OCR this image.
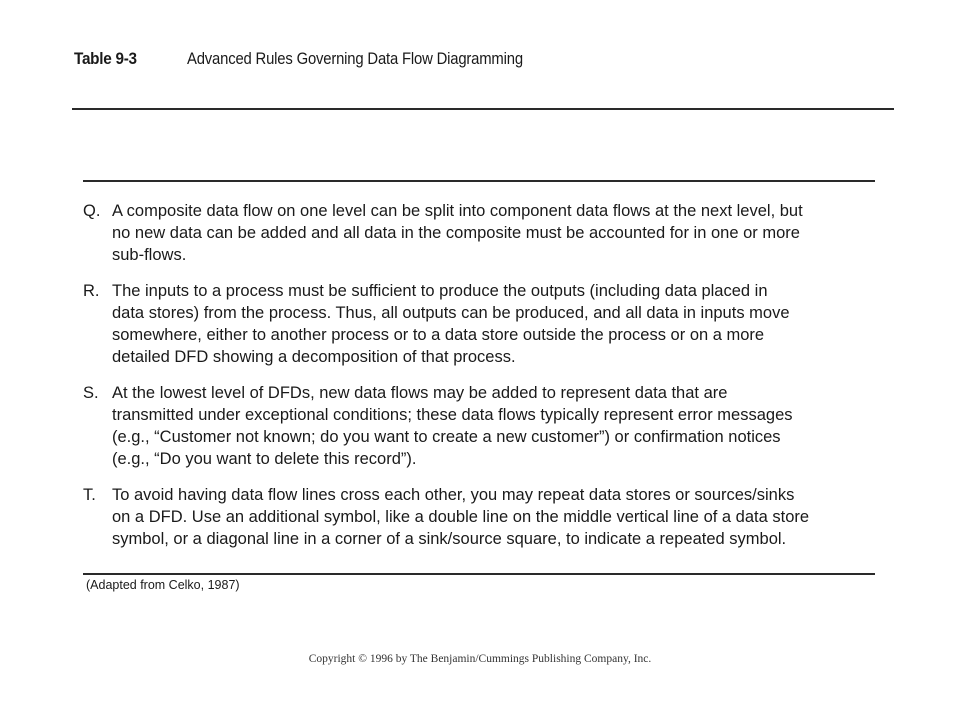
Table 9-3	Advanced Rules Governing Data Flow Diagramming
Q. A composite data flow on one level can be split into component data flows at the next level, but
no new data can be added and all data in the composite must be accounted for in one or more
sub-flows.
R. The inputs to a process must be sufficient to produce the outputs (including data placed in
data stores) from the process. Thus, all outputs can be produced, and all data in inputs move
somewhere, either to another process or to a data store outside the process or on a more
detailed DFD showing a decomposition of that process.
S. At the lowest level of DFDs, new data flows may be added to represent data that are
transmitted under exceptional conditions; these data flows typically represent error messages
(e.g., “Customer not known; do you want to create a new customer”) or confirmation notices
(e.g., “Do you want to delete this record”).
T. To avoid having data flow lines cross each other, you may repeat data stores or sources/sinks
on a DFD. Use an additional symbol, like a double line on the middle vertical line of a data store
symbol, or a diagonal line in a corner of a sink/source square, to indicate a repeated symbol.
(Adapted from Celko, 1987)
Copyright © 1996 by The Benjamin/Cummings Publishing Company, Inc.
